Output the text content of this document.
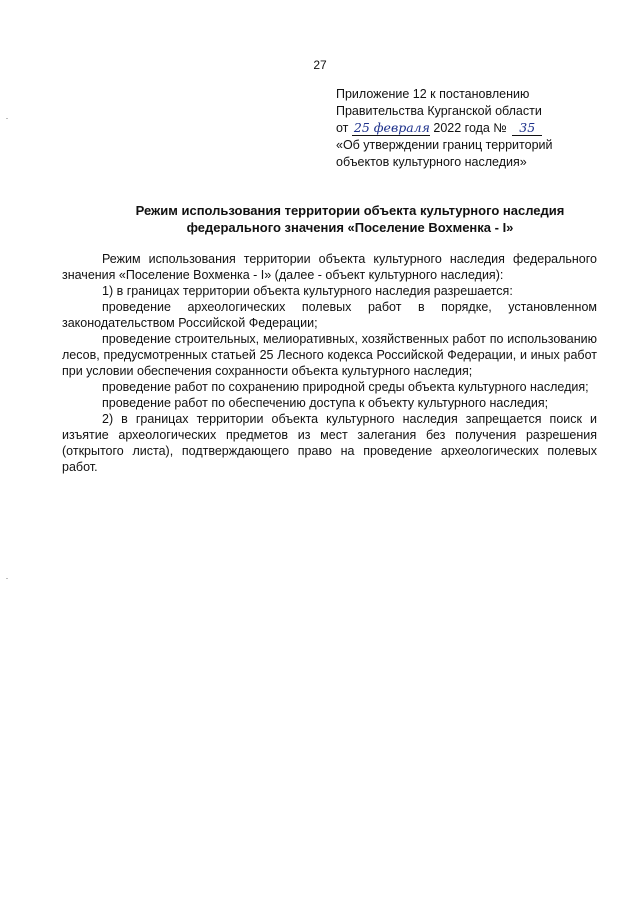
27
Приложение 12 к постановлению
Правительства Курганской области
от 25 февраля 2022 года № 35
«Об утверждении границ территорий
объектов культурного наследия»
Режим использования территории объекта культурного наследия
федерального значения «Поселение Вохменка - I»

Режим использования территории объекта культурного наследия федерального значения «Поселение Вохменка - I» (далее - объект культурного наследия):

1) в границах территории объекта культурного наследия разрешается:

проведение археологических полевых работ в порядке, установленном законодательством Российской Федерации;

проведение строительных, мелиоративных, хозяйственных работ по использованию лесов, предусмотренных статьей 25 Лесного кодекса Российской Федерации, и иных работ при условии обеспечения сохранности объекта культурного наследия;

проведение работ по сохранению природной среды объекта культурного наследия;

проведение работ по обеспечению доступа к объекту культурного наследия;

2) в границах территории объекта культурного наследия запрещается поиск и изъятие археологических предметов из мест залегания без получения разрешения (открытого листа), подтверждающего право на проведение археологических полевых работ.
